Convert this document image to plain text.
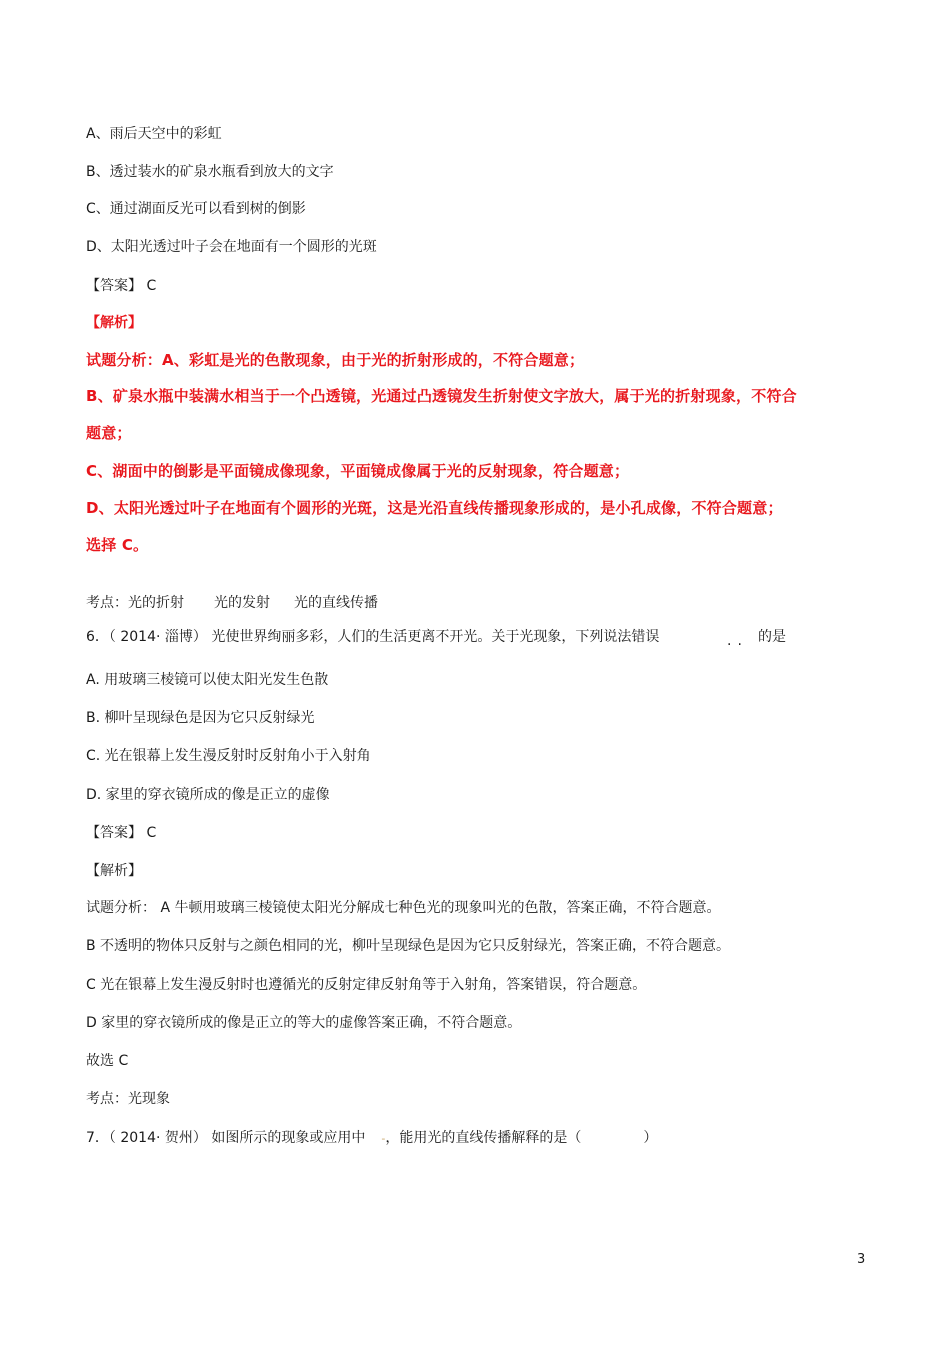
A、雨后天空中的彩虹
B、透过装水的矿泉水瓶看到放大的文字
C、通过湖面反光可以看到树的倒影
D、太阳光透过叶子会在地面有一个圆形的光斑
【答案】 C
【解析】
试题分析：A、彩虹是光的色散现象，由于光的折射形成的，不符合题意；
B、矿泉水瓶中装满水相当于一个凸透镜，光通过凸透镜发生折射使文字放大，属于光的折射现象，不符合
题意；
C、湖面中的倒影是平面镜成像现象，平面镜成像属于光的反射现象，符合题意；
D、太阳光透过叶子在地面有个圆形的光斑，这是光沿直线传播现象形成的，是小孔成像，不符合题意；
选择 C。
考点：光的折射 光的发射 光的直线传播
6．（ 2014· 淄博） 光使世界绚丽多彩，人们的生活更离不开光。关于光现象，下列说法错误	.. 的是
A. 用玻璃三棱镜可以使太阳光发生色散
B. 柳叶呈现绿色是因为它只反射绿光
C. 光在银幕上发生漫反射时反射角小于入射角
D. 家里的穿衣镜所成的像是正立的虚像
【答案】 C
【解析】
试题分析： A 牛顿用玻璃三棱镜使太阳光分解成七种色光的现象叫光的色散，答案正确，不符合题意。
B 不透明的物体只反射与之颜色相同的光，柳叶呈现绿色是因为它只反射绿光，答案正确，不符合题意。
C 光在银幕上发生漫反射时也遵循光的反射定律反射角等于入射角，答案错误，符合题意。
D 家里的穿衣镜所成的像是正立的等大的虚像答案正确，不符合题意。
故选 C
考点：光现象
7．（ 2014· 贺州） 如图所示的现象或应用中 -，能用光的直线传播解释的是（	）
3
